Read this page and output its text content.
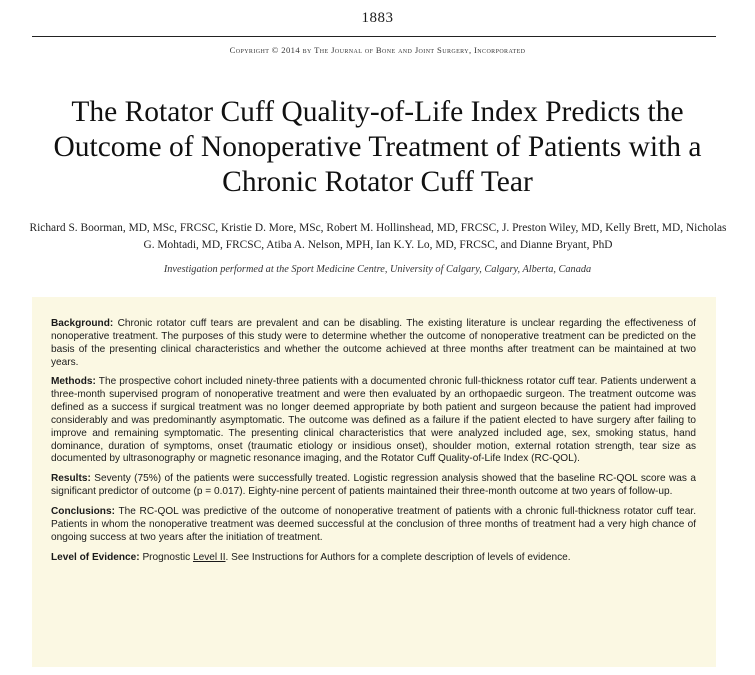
1883
Copyright © 2014 by The Journal of Bone and Joint Surgery, Incorporated
The Rotator Cuff Quality-of-Life Index Predicts the Outcome of Nonoperative Treatment of Patients with a Chronic Rotator Cuff Tear
Richard S. Boorman, MD, MSc, FRCSC, Kristie D. More, MSc, Robert M. Hollinshead, MD, FRCSC, J. Preston Wiley, MD, Kelly Brett, MD, Nicholas G. Mohtadi, MD, FRCSC, Atiba A. Nelson, MPH, Ian K.Y. Lo, MD, FRCSC, and Dianne Bryant, PhD
Investigation performed at the Sport Medicine Centre, University of Calgary, Calgary, Alberta, Canada

Background: Chronic rotator cuff tears are prevalent and can be disabling. The existing literature is unclear regarding the effectiveness of nonoperative treatment. The purposes of this study were to determine whether the outcome of nonoperative treatment can be predicted on the basis of the presenting clinical characteristics and whether the outcome achieved at three months after treatment can be maintained at two years.

Methods: The prospective cohort included ninety-three patients with a documented chronic full-thickness rotator cuff tear. Patients underwent a three-month supervised program of nonoperative treatment and were then evaluated by an orthopaedic surgeon. The treatment outcome was defined as a success if surgical treatment was no longer deemed appropriate by both patient and surgeon because the patient had improved considerably and was predominantly asymptomatic. The outcome was defined as a failure if the patient elected to have surgery after failing to improve and remaining symptomatic. The presenting clinical characteristics that were analyzed included age, sex, smoking status, hand dominance, duration of symptoms, onset (traumatic etiology or insidious onset), shoulder motion, external rotation strength, tear size as documented by ultrasonography or magnetic resonance imaging, and the Rotator Cuff Quality-of-Life Index (RC-QOL).

Results: Seventy (75%) of the patients were successfully treated. Logistic regression analysis showed that the baseline RC-QOL score was a significant predictor of outcome (p = 0.017). Eighty-nine percent of patients maintained their three-month outcome at two years of follow-up.

Conclusions: The RC-QOL was predictive of the outcome of nonoperative treatment of patients with a chronic full-thickness rotator cuff tear. Patients in whom the nonoperative treatment was deemed successful at the conclusion of three months of treatment had a very high chance of ongoing success at two years after the initiation of treatment.

Level of Evidence: Prognostic Level II. See Instructions for Authors for a complete description of levels of evidence.
